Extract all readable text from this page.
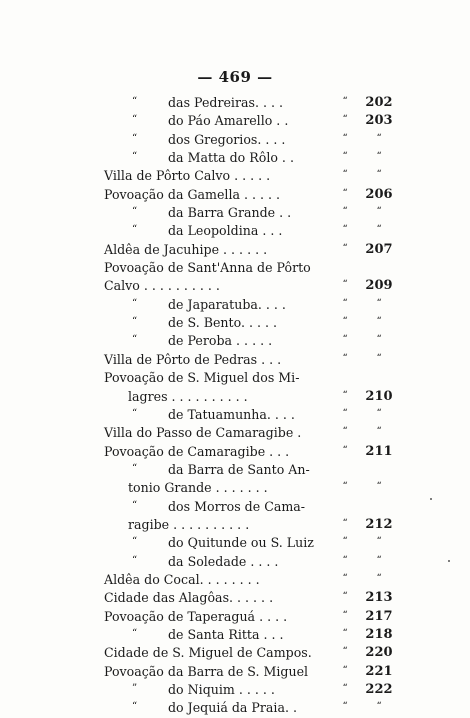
— 469 —
“ das Pedreiras. . . .	“	202
“ do Páo Amarello . .	“	203
“ dos Gregorios. . . .	“	“
“ da Matta do Rôlo . .	“	“
Villa de Pôrto Calvo . . . . .	“	“
Povoação da Gamella . . . . .	“	206
“ da Barra Grande . .	“	“
“ da Leopoldina . . .	“	“
Aldêa de Jacuhipe . . . . . .	“	207
Povoação de Sant'Anna de Pôrto
Calvo . . . . . . . . . .	“	209
“ de Japaratuba. . . .	“	“
“ de S. Bento. . . . .	“	“
“ de Peroba . . . . .	“	“
Villa de Pôrto de Pedras . . .	“	“
Povoação de S. Miguel dos Mi-
lagres . . . . . . . . . .	“	210
“ de Tatuamunha. . . .	“	“
Villa do Passo de Camaragibe .	“	“
Povoação de Camaragibe . . .	“	211
“ da Barra de Santo An-
tonio Grande . . . . . . .	“	“
“ dos Morros de Cama-
ragibe . . . . . . . . . .	“	212
“ do Quitunde ou S. Luiz	“	“
“ da Soledade . . . .	“	“
Aldêa do Cocal. . . . . . . .	“	“
Cidade das Alagôas. . . . . .	“	213
Povoação de Taperaguá . . . .	“	217
“ de Santa Ritta . . .	“	218
Cidade de S. Miguel de Campos.	“	220
Povoação da Barra de S. Miguel	“	221
” do Niquim . . . . .	“	222
“ do Jequiá da Praia. .	“	“
